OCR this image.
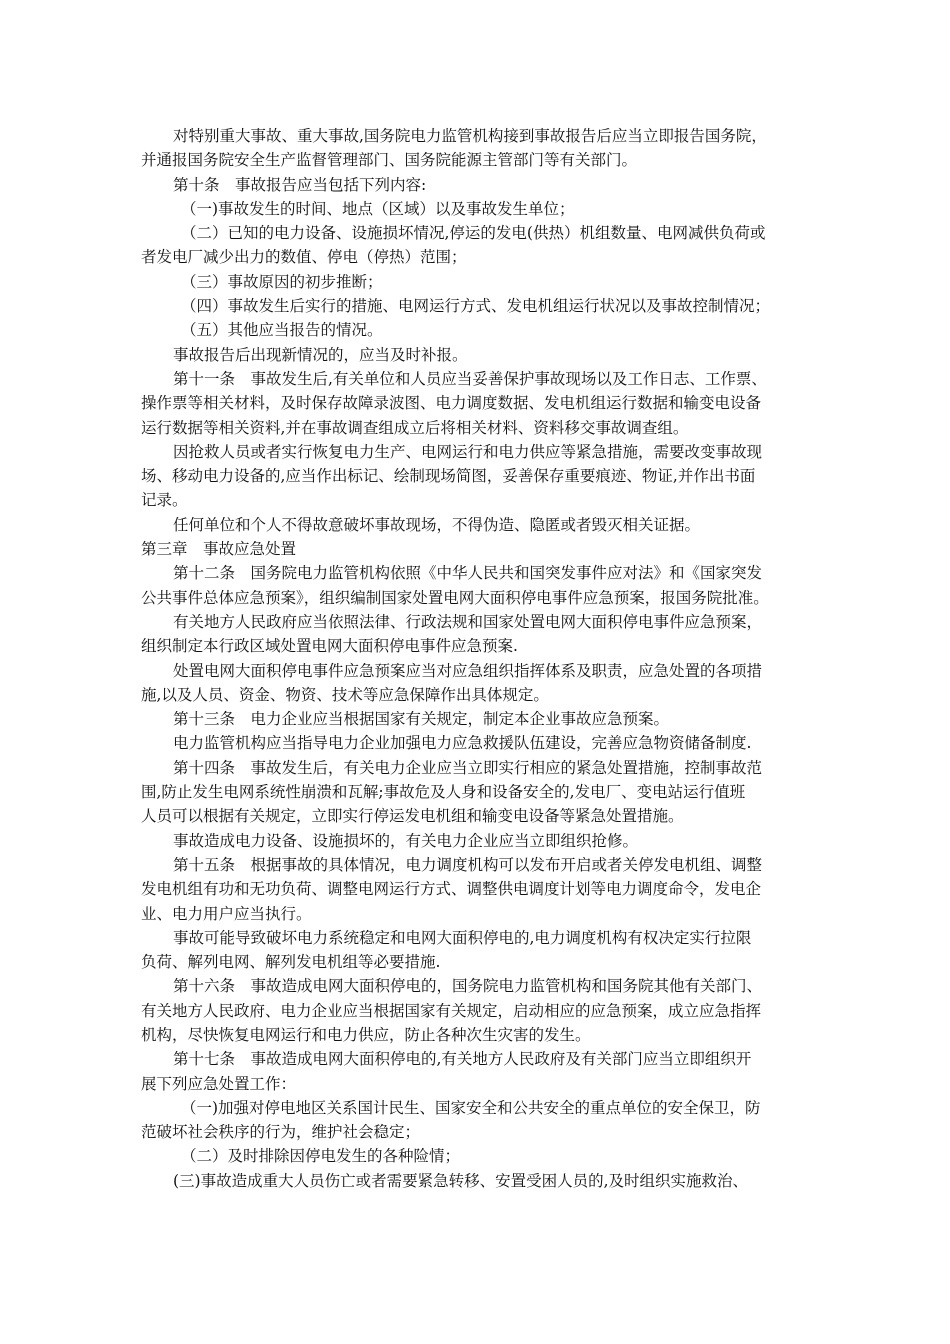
对特别重大事故、重大事故,国务院电力监管机构接到事故报告后应当立即报告国务院，
并通报国务院安全生产监督管理部门、国务院能源主管部门等有关部门。
第十条　事故报告应当包括下列内容:
（一)事故发生的时间、地点（区域）以及事故发生单位；
（二）已知的电力设备、设施损坏情况,停运的发电(供热）机组数量、电网减供负荷或
者发电厂减少出力的数值、停电（停热）范围；
（三）事故原因的初步推断；
（四）事故发生后实行的措施、电网运行方式、发电机组运行状况以及事故控制情况；
（五）其他应当报告的情况。
事故报告后出现新情况的，应当及时补报。
第十一条　事故发生后,有关单位和人员应当妥善保护事故现场以及工作日志、工作票、
操作票等相关材料，及时保存故障录波图、电力调度数据、发电机组运行数据和输变电设备
运行数据等相关资料,并在事故调查组成立后将相关材料、资料移交事故调查组。
因抢救人员或者实行恢复电力生产、电网运行和电力供应等紧急措施，需要改变事故现
场、移动电力设备的,应当作出标记、绘制现场简图，妥善保存重要痕迹、物证,并作出书面
记录。
任何单位和个人不得故意破坏事故现场，不得伪造、隐匿或者毁灭相关证据。
第三章　事故应急处置
第十二条　国务院电力监管机构依照《中华人民共和国突发事件应对法》和《国家突发
公共事件总体应急预案》，组织编制国家处置电网大面积停电事件应急预案，报国务院批准。
有关地方人民政府应当依照法律、行政法规和国家处置电网大面积停电事件应急预案，
组织制定本行政区域处置电网大面积停电事件应急预案.
处置电网大面积停电事件应急预案应当对应急组织指挥体系及职责，应急处置的各项措
施,以及人员、资金、物资、技术等应急保障作出具体规定。
第十三条　电力企业应当根据国家有关规定，制定本企业事故应急预案。
电力监管机构应当指导电力企业加强电力应急救援队伍建设，完善应急物资储备制度.
第十四条　事故发生后，有关电力企业应当立即实行相应的紧急处置措施，控制事故范
围,防止发生电网系统性崩溃和瓦解;事故危及人身和设备安全的,发电厂、变电站运行值班
人员可以根据有关规定，立即实行停运发电机组和输变电设备等紧急处置措施。
事故造成电力设备、设施损坏的，有关电力企业应当立即组织抢修。
第十五条　根据事故的具体情况，电力调度机构可以发布开启或者关停发电机组、调整
发电机组有功和无功负荷、调整电网运行方式、调整供电调度计划等电力调度命令，发电企
业、电力用户应当执行。
事故可能导致破坏电力系统稳定和电网大面积停电的,电力调度机构有权决定实行拉限
负荷、解列电网、解列发电机组等必要措施.
第十六条　事故造成电网大面积停电的，国务院电力监管机构和国务院其他有关部门、
有关地方人民政府、电力企业应当根据国家有关规定，启动相应的应急预案，成立应急指挥
机构，尽快恢复电网运行和电力供应，防止各种次生灾害的发生。
第十七条　事故造成电网大面积停电的,有关地方人民政府及有关部门应当立即组织开
展下列应急处置工作：
（一)加强对停电地区关系国计民生、国家安全和公共安全的重点单位的安全保卫，防
范破坏社会秩序的行为，维护社会稳定；
（二）及时排除因停电发生的各种险情；
(三)事故造成重大人员伤亡或者需要紧急转移、安置受困人员的,及时组织实施救治、
